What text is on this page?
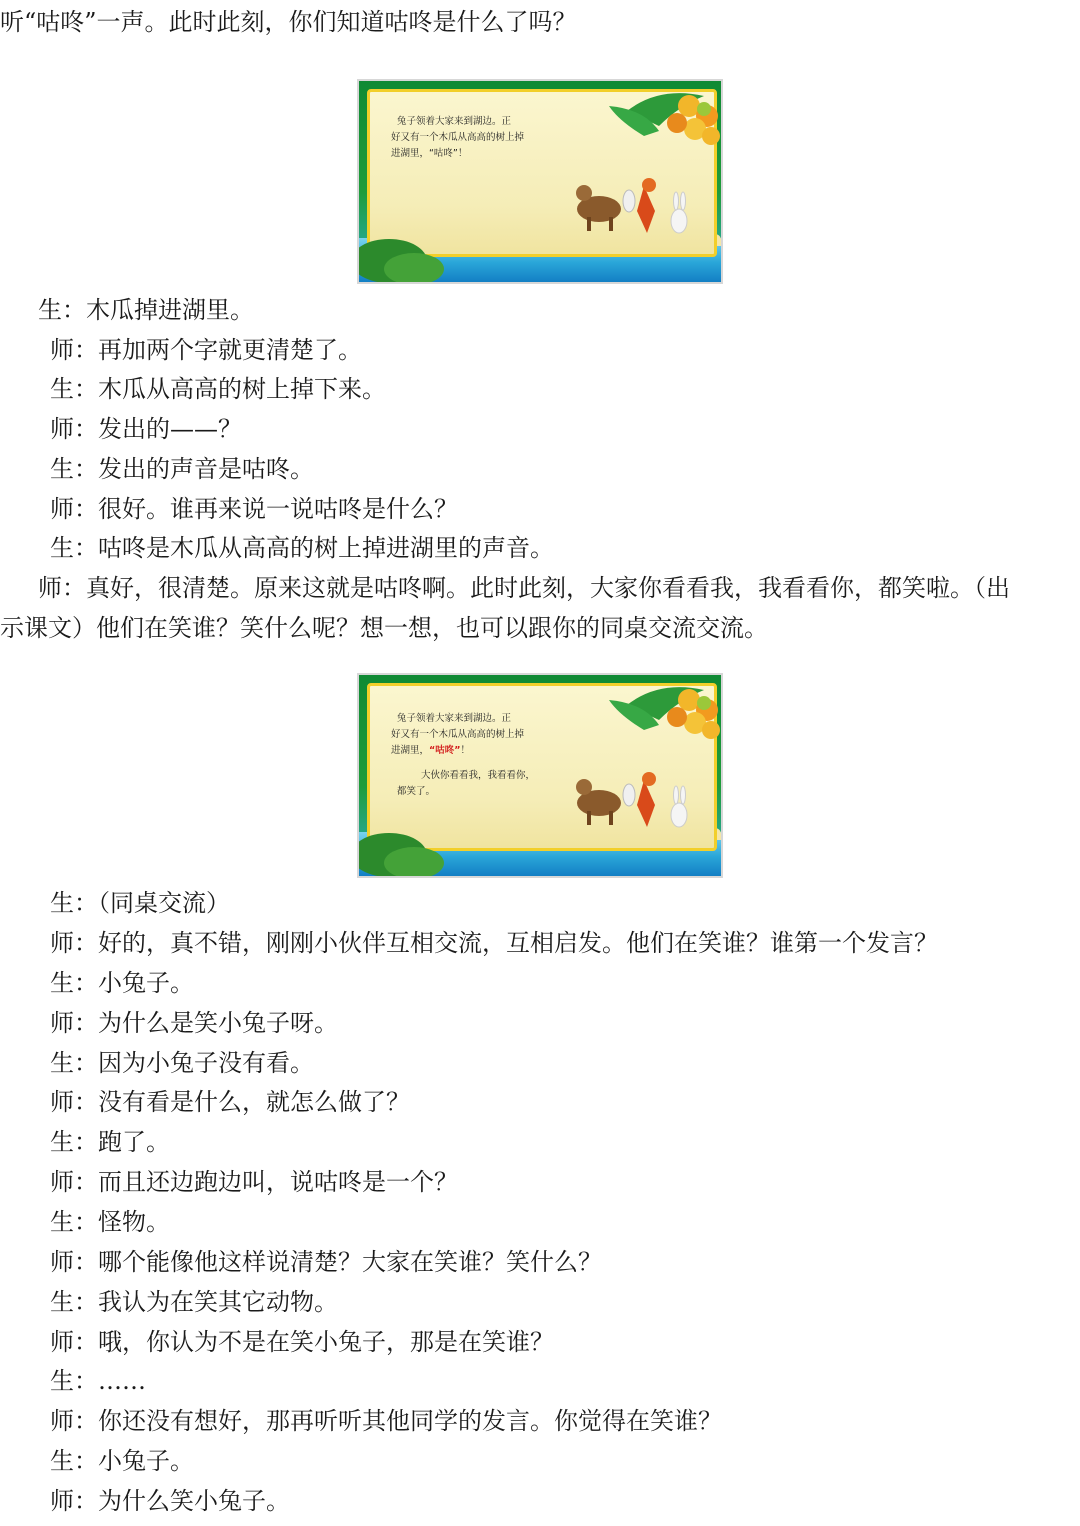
听“咕咚”一声。此时此刻，你们知道咕咚是什么了吗？
兔子领着大家来到湖边。正
好又有一个木瓜从高高的树上掉
进湖里，“咕咚”！
生：木瓜掉进湖里。
师：再加两个字就更清楚了。
生：木瓜从高高的树上掉下来。
师：发出的——？
生：发出的声音是咕咚。
师：很好。谁再来说一说咕咚是什么？
生：咕咚是木瓜从高高的树上掉进湖里的声音。
师：真好，很清楚。原来这就是咕咚啊。此时此刻，大家你看看我，我看看你，都笑啦。（出
示课文）他们在笑谁？笑什么呢？想一想，也可以跟你的同桌交流交流。
兔子领着大家来到湖边。正
好又有一个木瓜从高高的树上掉
进湖里，“咕咚”！
大伙你看看我，我看看你，
都笑了。
生：（同桌交流）
师：好的，真不错，刚刚小伙伴互相交流，互相启发。他们在笑谁？谁第一个发言？
生：小兔子。
师：为什么是笑小兔子呀。
生：因为小兔子没有看。
师：没有看是什么，就怎么做了？
生：跑了。
师：而且还边跑边叫，说咕咚是一个？
生：怪物。
师：哪个能像他这样说清楚？大家在笑谁？笑什么？
生：我认为在笑其它动物。
师：哦，你认为不是在笑小兔子，那是在笑谁？
生：……
师：你还没有想好，那再听听其他同学的发言。你觉得在笑谁？
生：小兔子。
师：为什么笑小兔子。
